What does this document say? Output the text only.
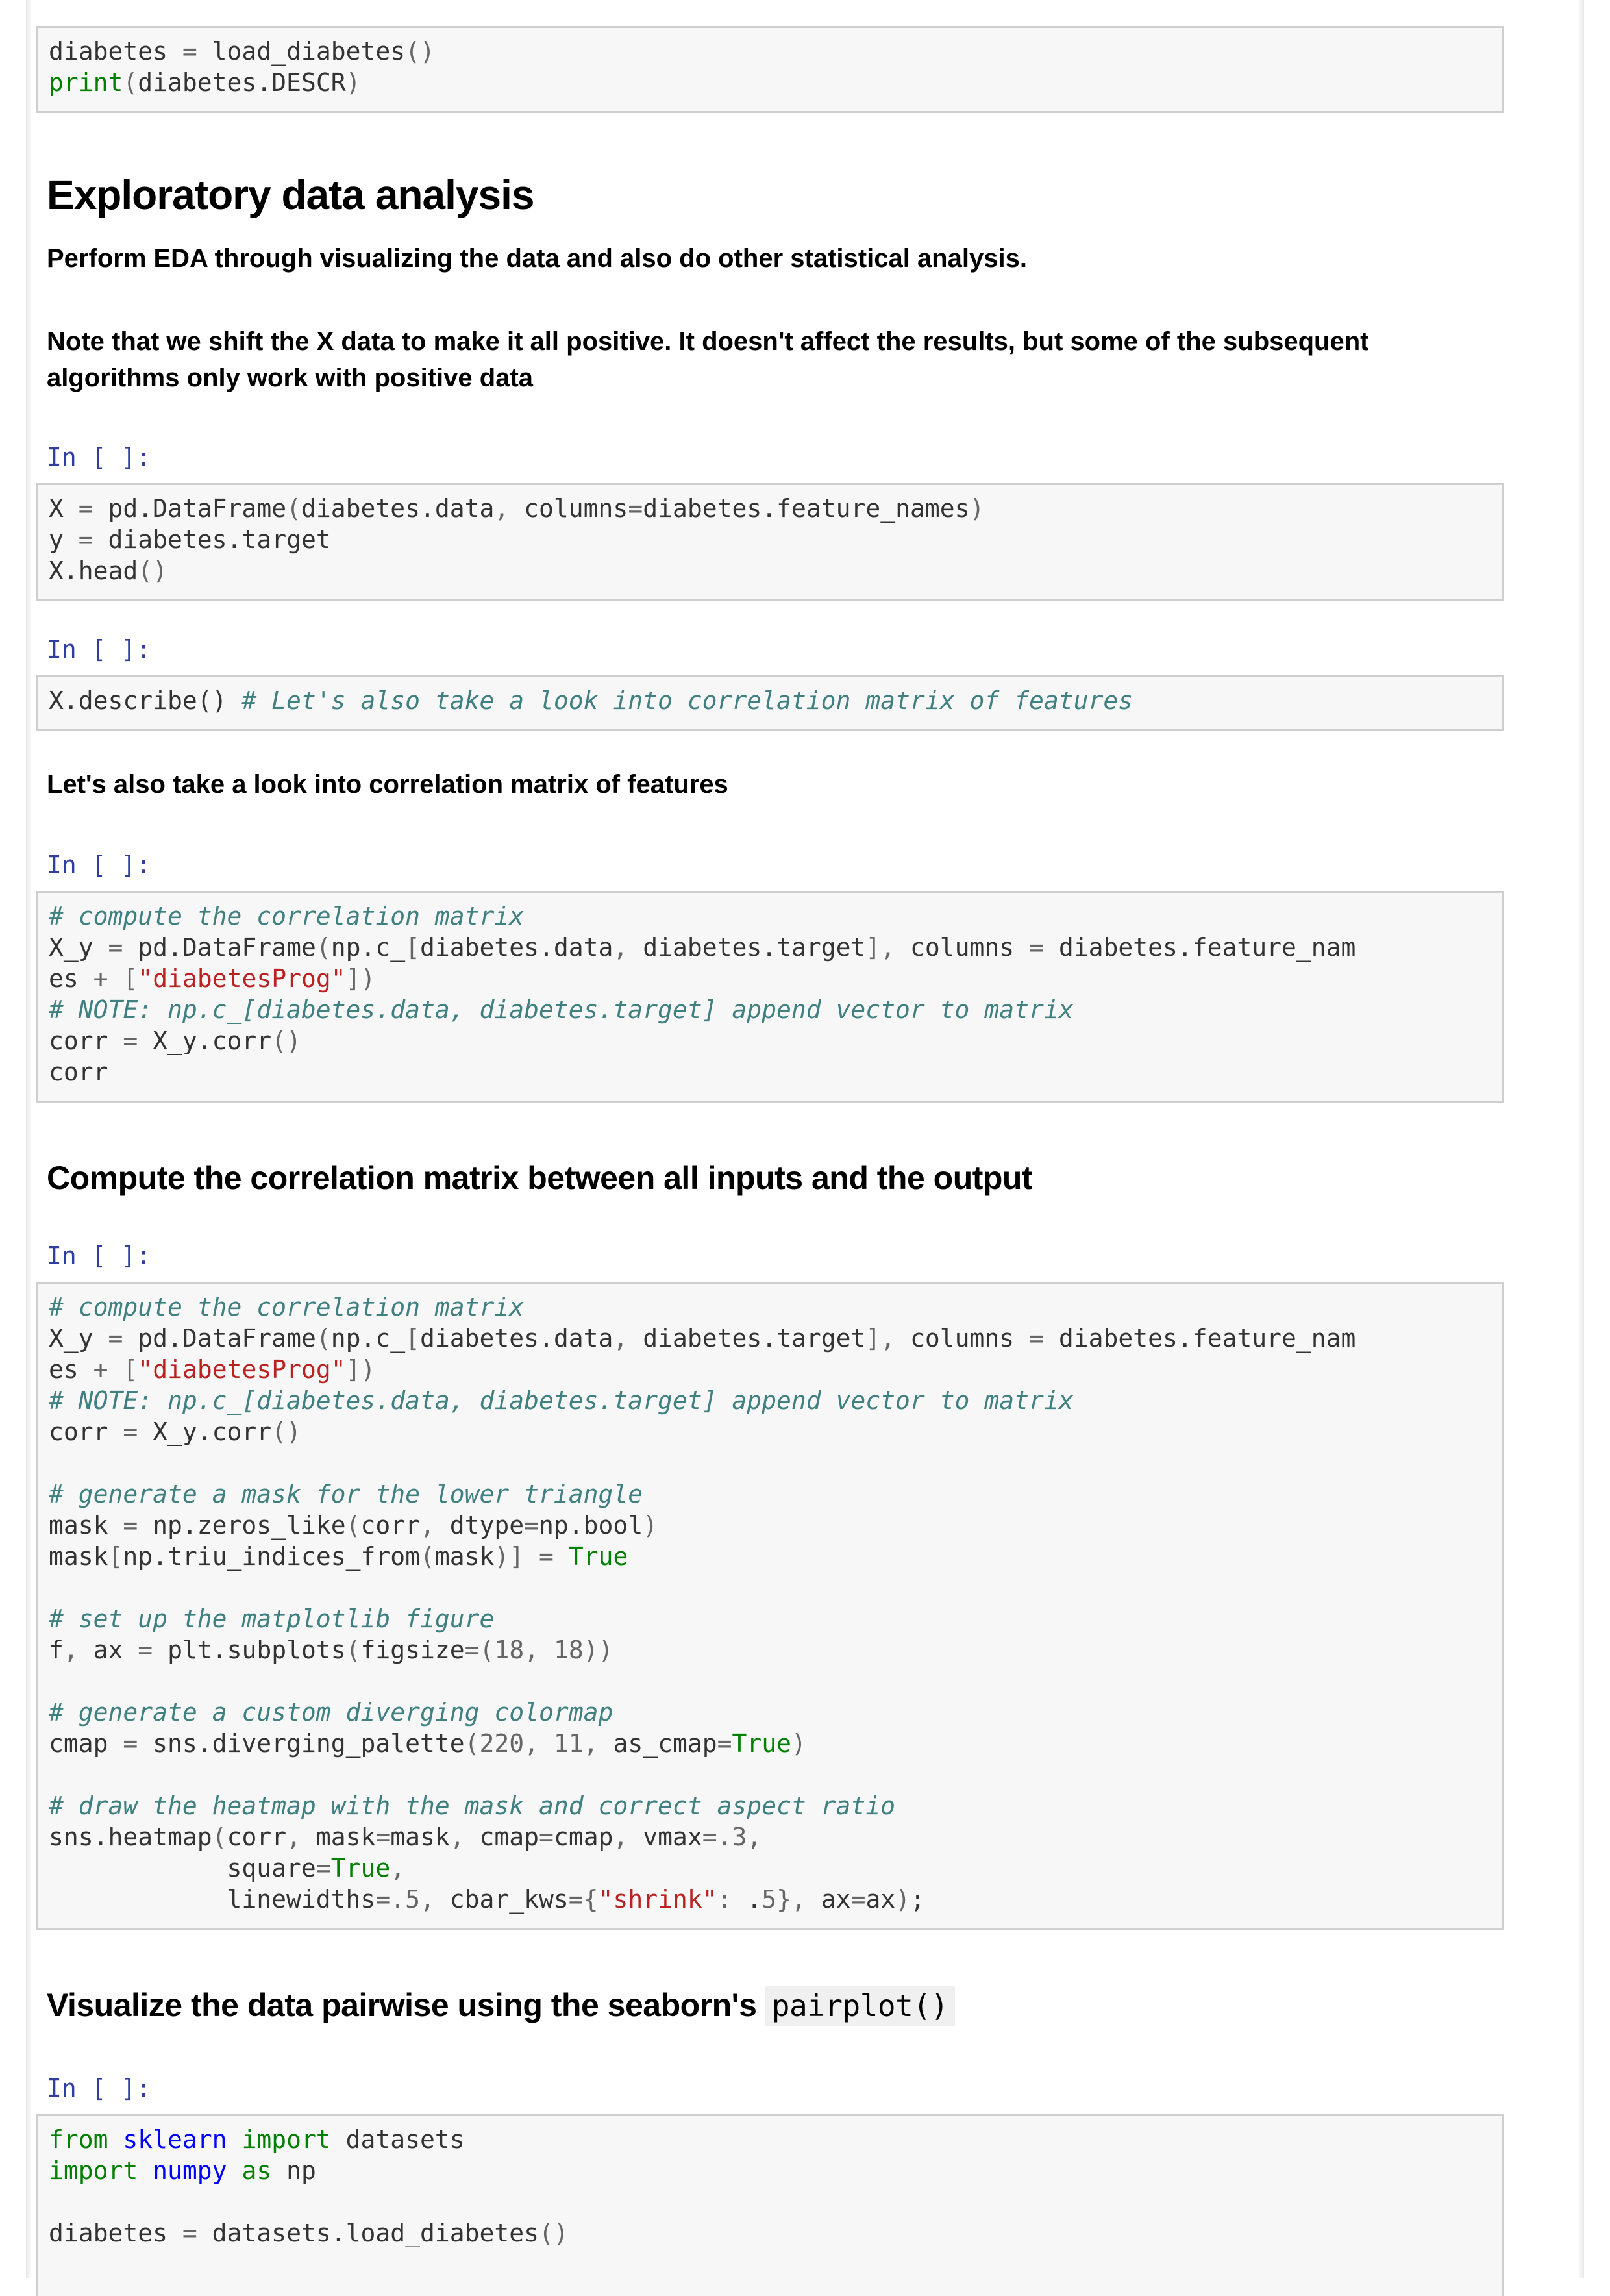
diabetes = load_diabetes()
print(diabetes.DESCR)
Exploratory data analysis

Perform EDA through visualizing the data and also do other statistical analysis.

Note that we shift the X data to make it all positive. It doesn't affect the results, but some of the subsequent algorithms only work with positive data

In [ ]:
X = pd.DataFrame(diabetes.data, columns=diabetes.feature_names)
y = diabetes.target
X.head()
In [ ]:
X.describe() # Let's also take a look into correlation matrix of features

Let's also take a look into correlation matrix of features

In [ ]:
# compute the correlation matrix
X_y = pd.DataFrame(np.c_[diabetes.data, diabetes.target], columns = diabetes.feature_nam
es + ["diabetesProg"])
# NOTE: np.c_[diabetes.data, diabetes.target] append vector to matrix
corr = X_y.corr()
corr
Compute the correlation matrix between all inputs and the output
In [ ]:
# compute the correlation matrix
X_y = pd.DataFrame(np.c_[diabetes.data, diabetes.target], columns = diabetes.feature_nam
es + ["diabetesProg"])
# NOTE: np.c_[diabetes.data, diabetes.target] append vector to matrix
corr = X_y.corr()

# generate a mask for the lower triangle
mask = np.zeros_like(corr, dtype=np.bool)
mask[np.triu_indices_from(mask)] = True

# set up the matplotlib figure
f, ax = plt.subplots(figsize=(18, 18))

# generate a custom diverging colormap
cmap = sns.diverging_palette(220, 11, as_cmap=True)

# draw the heatmap with the mask and correct aspect ratio
sns.heatmap(corr, mask=mask, cmap=cmap, vmax=.3,
square=True,
linewidths=.5, cbar_kws={"shrink": .5}, ax=ax);
Visualize the data pairwise using the seaborn's pairplot()
In [ ]:
from sklearn import datasets
import numpy as np

diabetes = datasets.load_diabetes()
